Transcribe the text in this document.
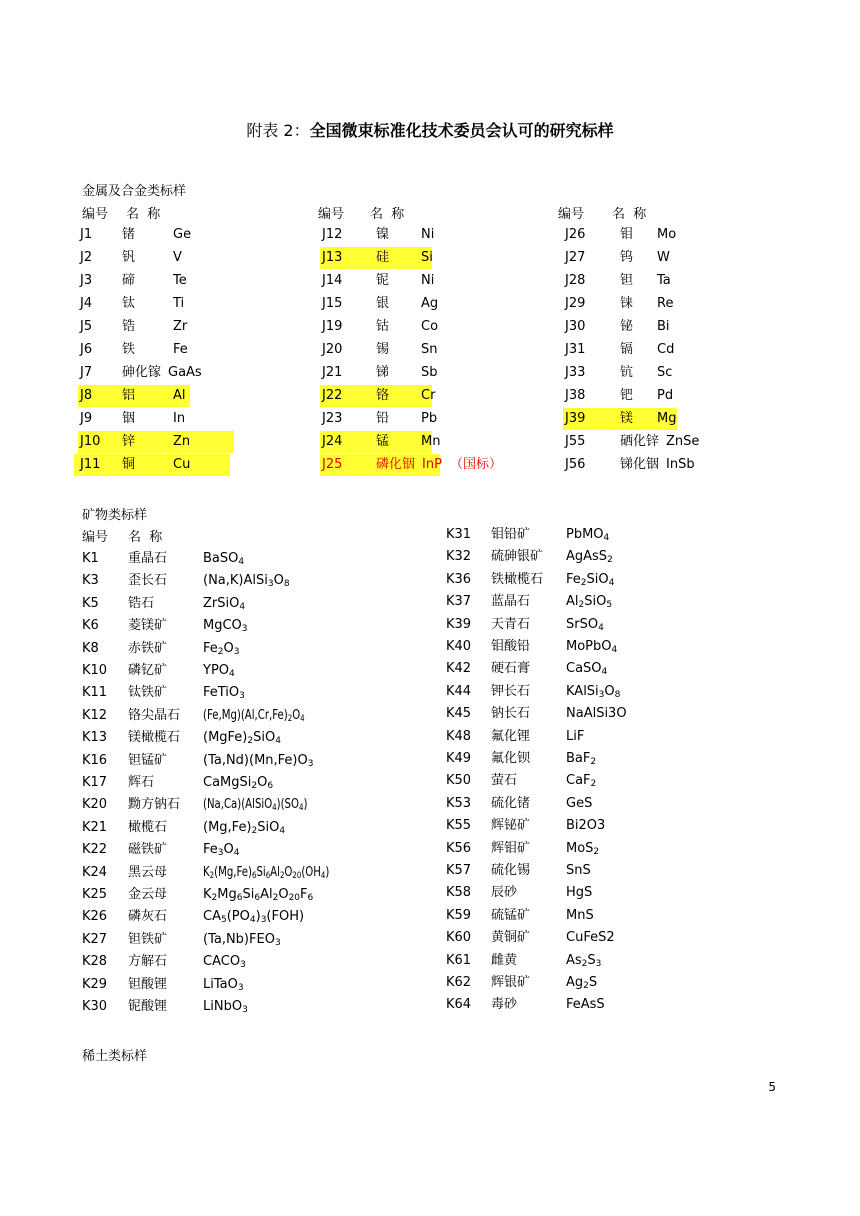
附表 2：全国微束标准化技术委员会认可的研究标样
金属及合金类标样
编号 名  称	编号 名  称	编号 名  称
J1 锗	Ge
J2 钒	V
J3 碲	Te
J4 钛	Ti
J5 锆	Zr
J6 铁	Fe
J7 砷化镓 GaAs
J8 铝	Al
J9 铟	In
J10 锌	Zn
J11 铜	Cu
J12	镍 Ni
J13	硅 Si
J14	铌 Ni
J15	银 Ag
J19	钴 Co
J20	锡 Sn
J21	锑 Sb
J22	铬 Cr
J23	铅 Pb
J24	锰 Mn
J25	磷化铟 InP （国标）
J26	钼 Mo
J27	钨 W
J28	钽 Ta
J29	铼 Re
J30	铋 Bi
J31	镉 Cd
J33	钪 Sc
J38	钯 Pd
J39	镁 Mg
J55	硒化锌 ZnSe
J56	锑化铟 InSb
矿物类标样
编号 名  称
K1 重晶石	BaSO$_4$
K3 歪长石	$(Na,K)AlSi_3O_8$
K5 锆石	ZrSiO$_4$
K6 菱镁矿	MgCO$_3$
K8 赤铁矿	$Fe_2O_3$
K10 磷钇矿	$YPO_4$
K11 钛铁矿	FeTiO$_3$
K12 铬尖晶石 $(Fe,Mg)(Al,Cr,Fe)_2O_4$
K13 镁橄榄石 $(MgFe)_2SiO_4$
K16 钽锰矿	$(Ta,Nd)(Mn,Fe)O_3$
K17 辉石	$CaMgSi_2O_6$
K20 黝方钠石 $(Na,Ca)(AlSiO_4)(SO_4)$
K21 橄榄石	$(Mg,Fe)_2SiO_4$
K22 磁铁矿	$Fe_3O_4$
K24 黑云母	$K_2(Mg,Fe)_6Si_6Al_2O_{20}(OH_4)$
K25 金云母	$K_2Mg_6Si_6Al_2O_{20}F_6$
K26 磷灰石	$CA_5(PO_4)_3(FOH)$
K27 钽铁矿	$(Ta,Nb)FEO_3$
K28 方解石	$CACO_3$
K29 钽酸锂	LiTaO$_3$
K30 铌酸锂	LiNbO$_3$
K31 钼铅矿	PbMO$_4$
K32 硫砷银矿 AgAsS$_2$
K36 铁橄榄石 $Fe_2SiO_4$
K37 蓝晶石	$Al_2SiO_5$
K39 天青石	SrSO$_4$
K40 钼酸铅	MoPbO$_4$
K42 硬石膏	CaSO$_4$
K44 钾长石	$KAlSi_3O_8$
K45 钠长石	NaAlSi3O
K48 氟化锂	LiF
K49 氟化钡	BaF$_2$
K50 萤石	CaF$_2$
K53 硫化锗	GeS
K55 辉铋矿	Bi2O3
K56 辉钼矿	MoS$_2$
K57 硫化锡	SnS
K58 辰砂	HgS
K59 硫锰矿	MnS
K60 黄铜矿	CuFeS2
K61 雌黄	$As_2S_3$
K62 辉银矿	$Ag_2S$
K64 毒砂	FeAsS
稀土类标样
5
